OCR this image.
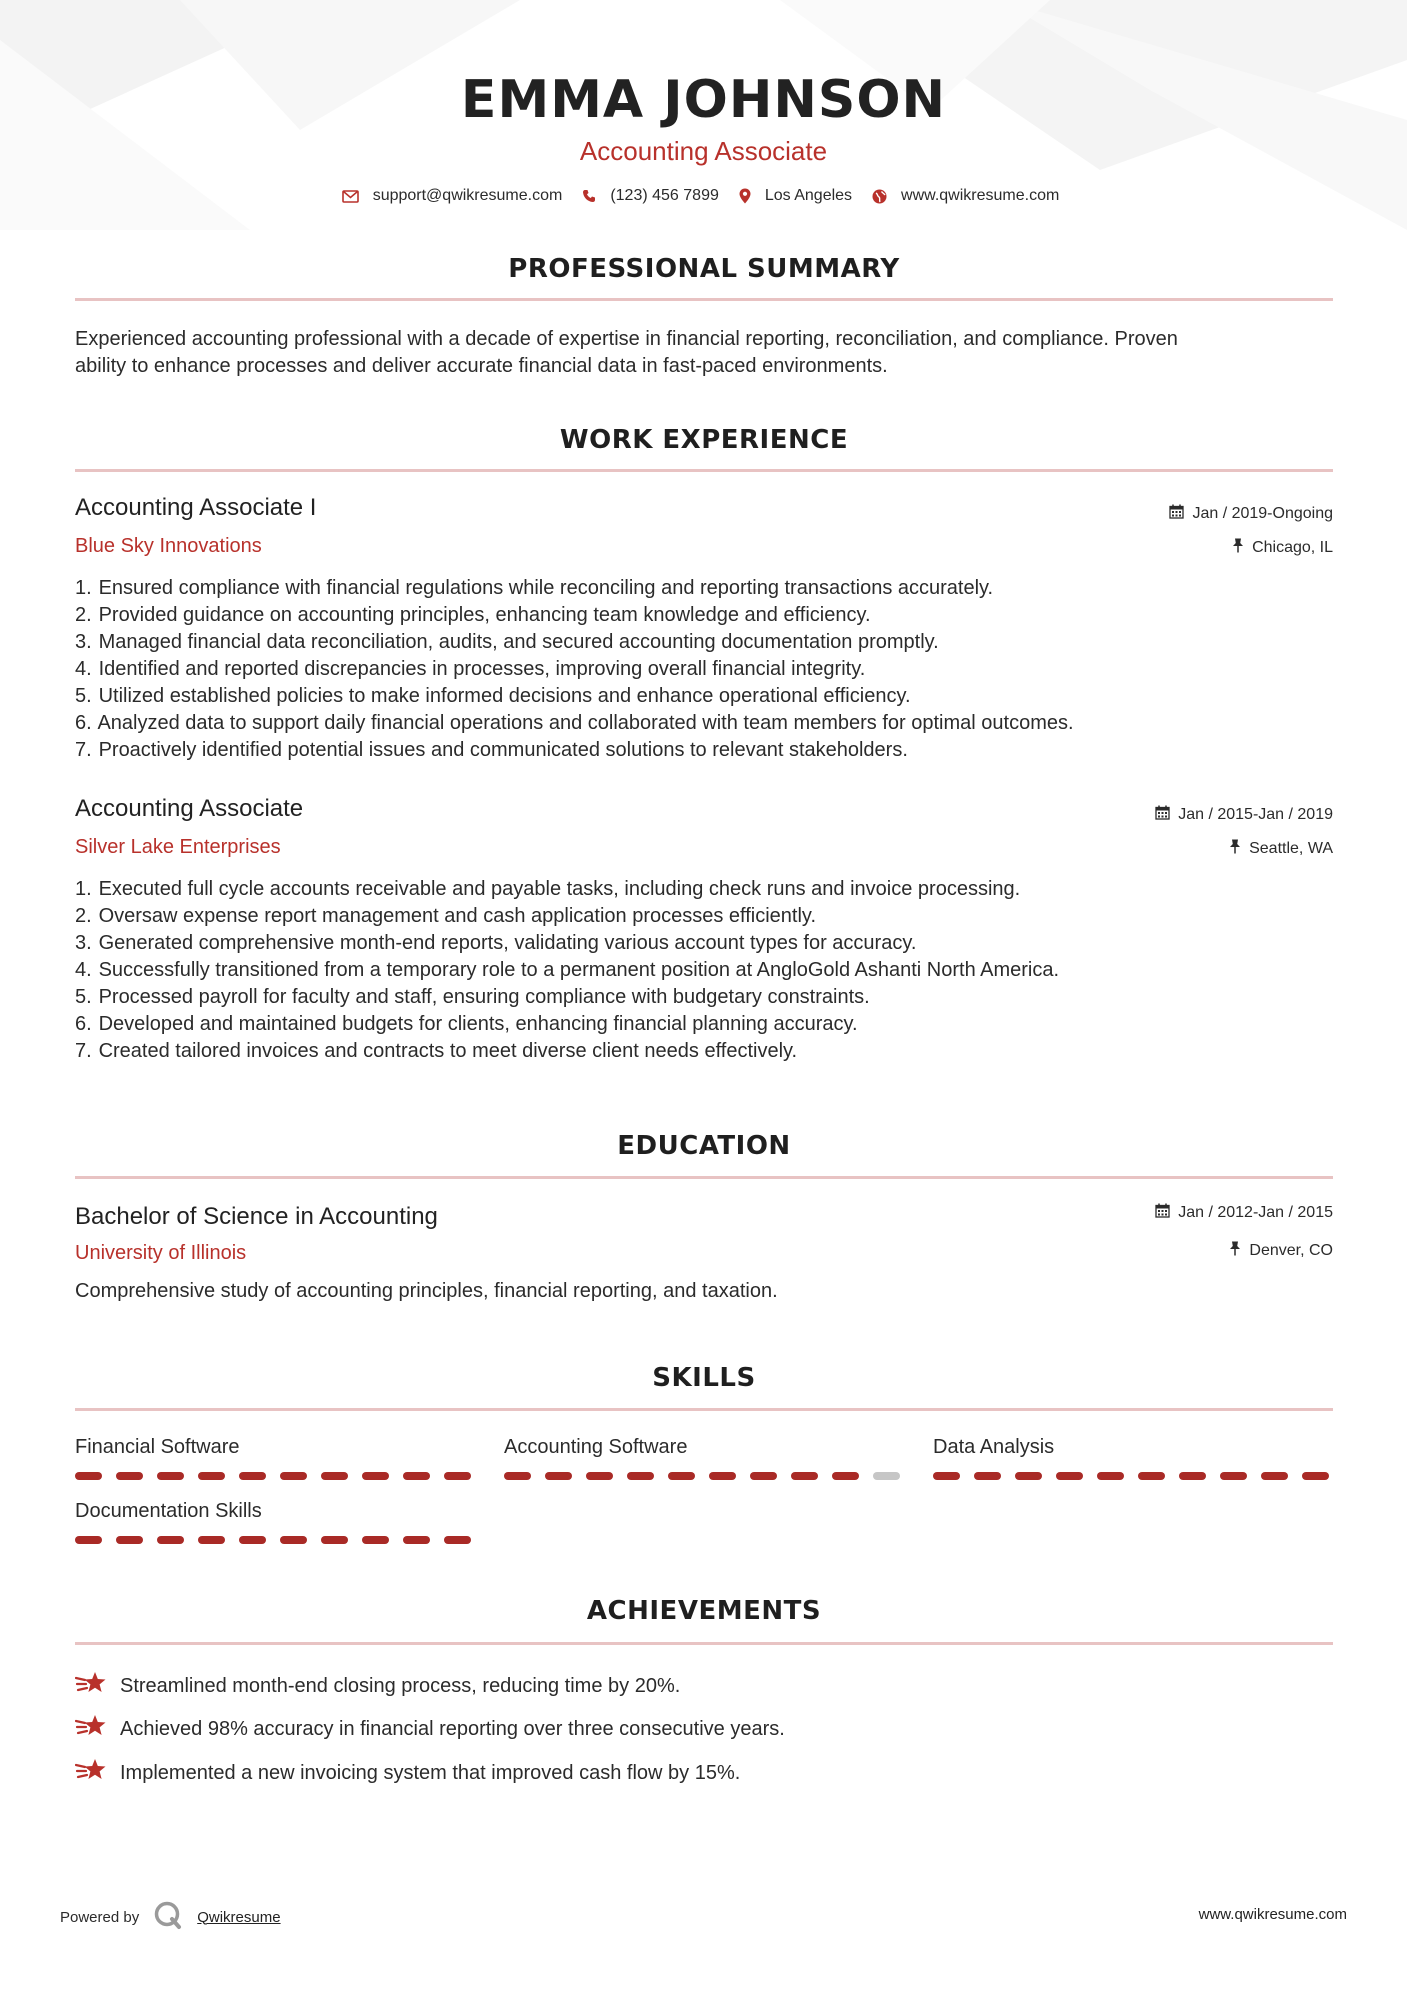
EMMA JOHNSON
Accounting Associate
support@qwikresume.com	(123) 456 7899	Los Angeles	www.qwikresume.com
PROFESSIONAL SUMMARY
Experienced accounting professional with a decade of expertise in financial reporting, reconciliation, and compliance. Proven
ability to enhance processes and deliver accurate financial data in fast-paced environments.
WORK EXPERIENCE
Accounting Associate I	Jan / 2019-Ongoing
Blue Sky Innovations	Chicago, IL
1. Ensured compliance with financial regulations while reconciling and reporting transactions accurately.
2. Provided guidance on accounting principles, enhancing team knowledge and efficiency.
3. Managed financial data reconciliation, audits, and secured accounting documentation promptly.
4. Identified and reported discrepancies in processes, improving overall financial integrity.
5. Utilized established policies to make informed decisions and enhance operational efficiency.
6. Analyzed data to support daily financial operations and collaborated with team members for optimal outcomes.
7. Proactively identified potential issues and communicated solutions to relevant stakeholders.
Accounting Associate	Jan / 2015-Jan / 2019
Silver Lake Enterprises	Seattle, WA
1. Executed full cycle accounts receivable and payable tasks, including check runs and invoice processing.
2. Oversaw expense report management and cash application processes efficiently.
3. Generated comprehensive month-end reports, validating various account types for accuracy.
4. Successfully transitioned from a temporary role to a permanent position at AngloGold Ashanti North America.
5. Processed payroll for faculty and staff, ensuring compliance with budgetary constraints.
6. Developed and maintained budgets for clients, enhancing financial planning accuracy.
7. Created tailored invoices and contracts to meet diverse client needs effectively.
EDUCATION
Bachelor of Science in Accounting	Jan / 2012-Jan / 2015
University of Illinois	Denver, CO
Comprehensive study of accounting principles, financial reporting, and taxation.
SKILLS
Financial Software	Accounting Software	Data Analysis
Documentation Skills
ACHIEVEMENTS
Streamlined month-end closing process, reducing time by 20%.
Achieved 98% accuracy in financial reporting over three consecutive years.
Implemented a new invoicing system that improved cash flow by 15%.
Powered by	Qwikresume	www.qwikresume.com
